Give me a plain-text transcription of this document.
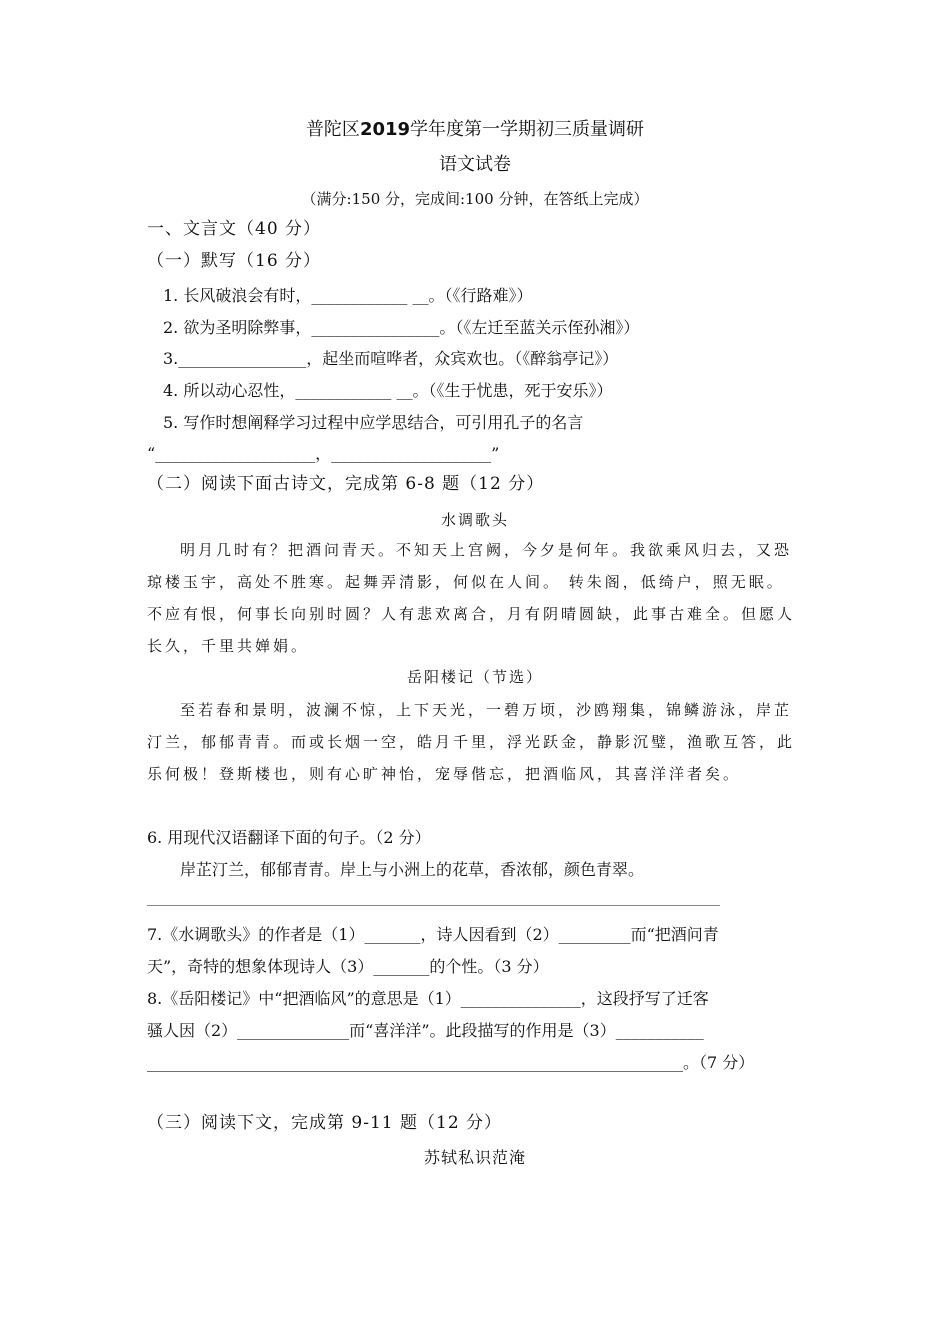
普陀区2019学年度第一学期初三质量调研
语文试卷
（满分:150 分，完成间:100 分钟，在答纸上完成）
一、文言文（40 分）
（一）默写（16 分）
1. 长风破浪会有时，____________ __。（《行路难》）
2. 欲为圣明除弊事，________________。（《左迁至蓝关示侄孙湘》）
3.________________，起坐而喧哗者，众宾欢也。（《醉翁亭记》）
4. 所以动心忍性，____________ __。（《生于忧患，死于安乐》）
5. 写作时想阐释学习过程中应学思结合，可引用孔子的名言
“____________________，____________________”
（二）阅读下面古诗文，完成第 6-8 题（12 分）
水调歌头
明月几时有？把酒问青天。不知天上宫阙，今夕是何年。我欲乘风归去，又恐
琼楼玉宇，高处不胜寒。起舞弄清影，何似在人间。 转朱阁，低绮户，照无眠。
不应有恨，何事长向别时圆？人有悲欢离合，月有阴晴圆缺，此事古难全。但愿人
长久，千里共婵娟。
岳阳楼记（节选）
至若春和景明，波澜不惊，上下天光，一碧万顷，沙鸥翔集，锦鳞游泳，岸芷
汀兰，郁郁青青。而或长烟一空，皓月千里，浮光跃金，静影沉璧，渔歌互答，此
乐何极！登斯楼也，则有心旷神怡，宠辱偕忘，把酒临风，其喜洋洋者矣。
6. 用现代汉语翻译下面的句子。（2 分）
岸芷汀兰，郁郁青青。岸上与小洲上的花草，香浓郁，颜色青翠。
7.《水调歌头》的作者是（1）_______，诗人因看到（2）_________而“把酒问青
天”，奇特的想象体现诗人（3）_______的个性。（3 分）
8.《岳阳楼记》中“把酒临风”的意思是（1）_______________，这段抒写了迁客
骚人因（2）______________而“喜洋洋”。此段描写的作用是（3）___________
___________________________________________________________________。（7 分）
（三）阅读下文，完成第 9-11 题（12 分）
苏轼私识范淹
